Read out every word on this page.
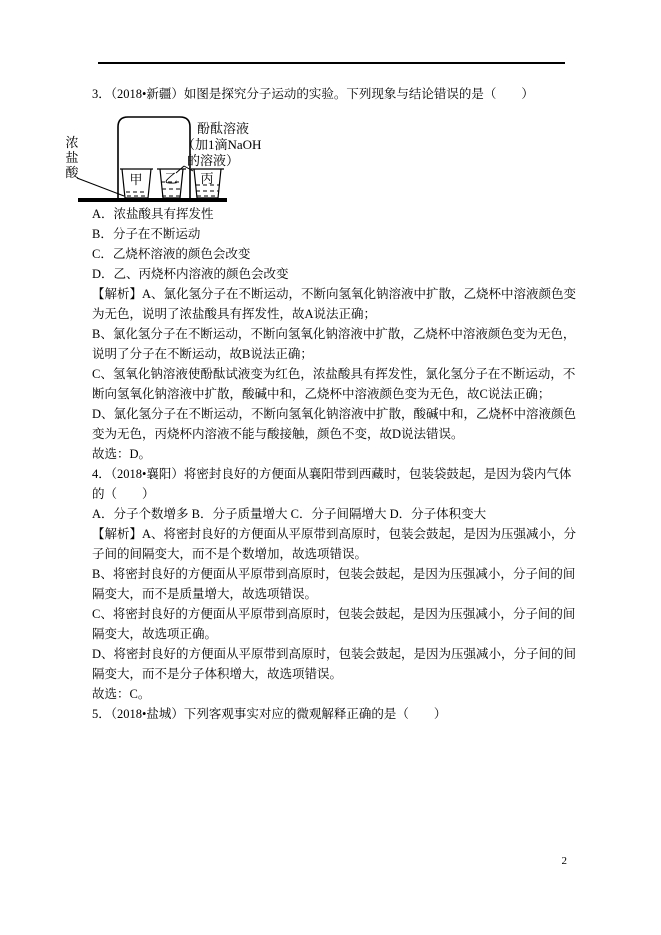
3．（2018•新疆）如图是探究分子运动的实验。下列现象与结论错误的是（　　）

浓
盐
酸	甲 乙 丙
酚酞溶液
（加1滴NaOH
的溶液）

A．浓盐酸具有挥发性

B．分子在不断运动

C．乙烧杯溶液的颜色会改变

D．乙、丙烧杯内溶液的颜色会改变

【解析】A、氯化氢分子在不断运动，不断向氢氧化钠溶液中扩散，乙烧杯中溶液颜色变为无色，说明了浓盐酸具有挥发性，故A说法正确；

B、氯化氢分子在不断运动，不断向氢氧化钠溶液中扩散，乙烧杯中溶液颜色变为无色，说明了分子在不断运动，故B说法正确；

C、氢氧化钠溶液使酚酞试液变为红色，浓盐酸具有挥发性，氯化氢分子在不断运动，不断向氢氧化钠溶液中扩散，酸碱中和，乙烧杯中溶液颜色变为无色，故C说法正确；

D、氯化氢分子在不断运动，不断向氢氧化钠溶液中扩散，酸碱中和，乙烧杯中溶液颜色变为无色，丙烧杯内溶液不能与酸接触，颜色不变，故D说法错误。

故选：D。

4．（2018•襄阳）将密封良好的方便面从襄阳带到西藏时，包装袋鼓起，是因为袋内气体的（　　）

A．分子个数增多 B．分子质量增大 C．分子间隔增大 D．分子体积变大

【解析】A、将密封良好的方便面从平原带到高原时，包装会鼓起，是因为压强减小，分子间的间隔变大，而不是个数增加，故选项错误。

B、将密封良好的方便面从平原带到高原时，包装会鼓起，是因为压强减小，分子间的间隔变大，而不是质量增大，故选项错误。

C、将密封良好的方便面从平原带到高原时，包装会鼓起，是因为压强减小，分子间的间隔变大，故选项正确。

D、将密封良好的方便面从平原带到高原时，包装会鼓起，是因为压强减小，分子间的间隔变大，而不是分子体积增大，故选项错误。

故选：C。

5．（2018•盐城）下列客观事实对应的微观解释正确的是（　　）

2
